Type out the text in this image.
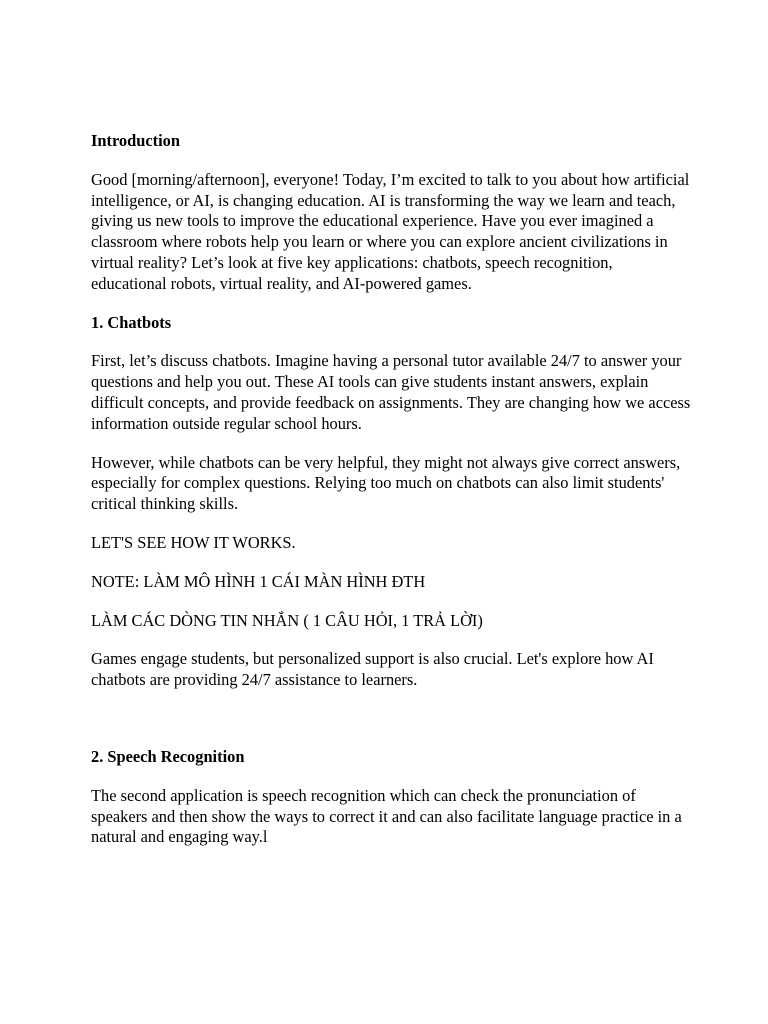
Introduction

Good [morning/afternoon], everyone! Today, I’m excited to talk to you about how artificial intelligence, or AI, is changing education. AI is transforming the way we learn and teach, giving us new tools to improve the educational experience. Have you ever imagined a classroom where robots help you learn or where you can explore ancient civilizations in virtual reality? Let’s look at five key applications: chatbots, speech recognition, educational robots, virtual reality, and AI-powered games.

1. Chatbots

First, let’s discuss chatbots. Imagine having a personal tutor available 24/7 to answer your questions and help you out. These AI tools can give students instant answers, explain difficult concepts, and provide feedback on assignments. They are changing how we access information outside regular school hours.

However, while chatbots can be very helpful, they might not always give correct answers, especially for complex questions. Relying too much on chatbots can also limit students' critical thinking skills.

LET'S SEE HOW IT WORKS.

NOTE: LÀM MÔ HÌNH 1 CÁI MÀN HÌNH ĐTH

LÀM CÁC DÒNG TIN NHẮN ( 1 CÂU HỎI, 1 TRẢ LỜI)

Games engage students, but personalized support is also crucial. Let's explore how AI chatbots are providing 24/7 assistance to learners.

2. Speech Recognition

The second application is speech recognition which can check the pronunciation of speakers and then show the ways to correct it and can also facilitate language practice in a natural and engaging way.l
